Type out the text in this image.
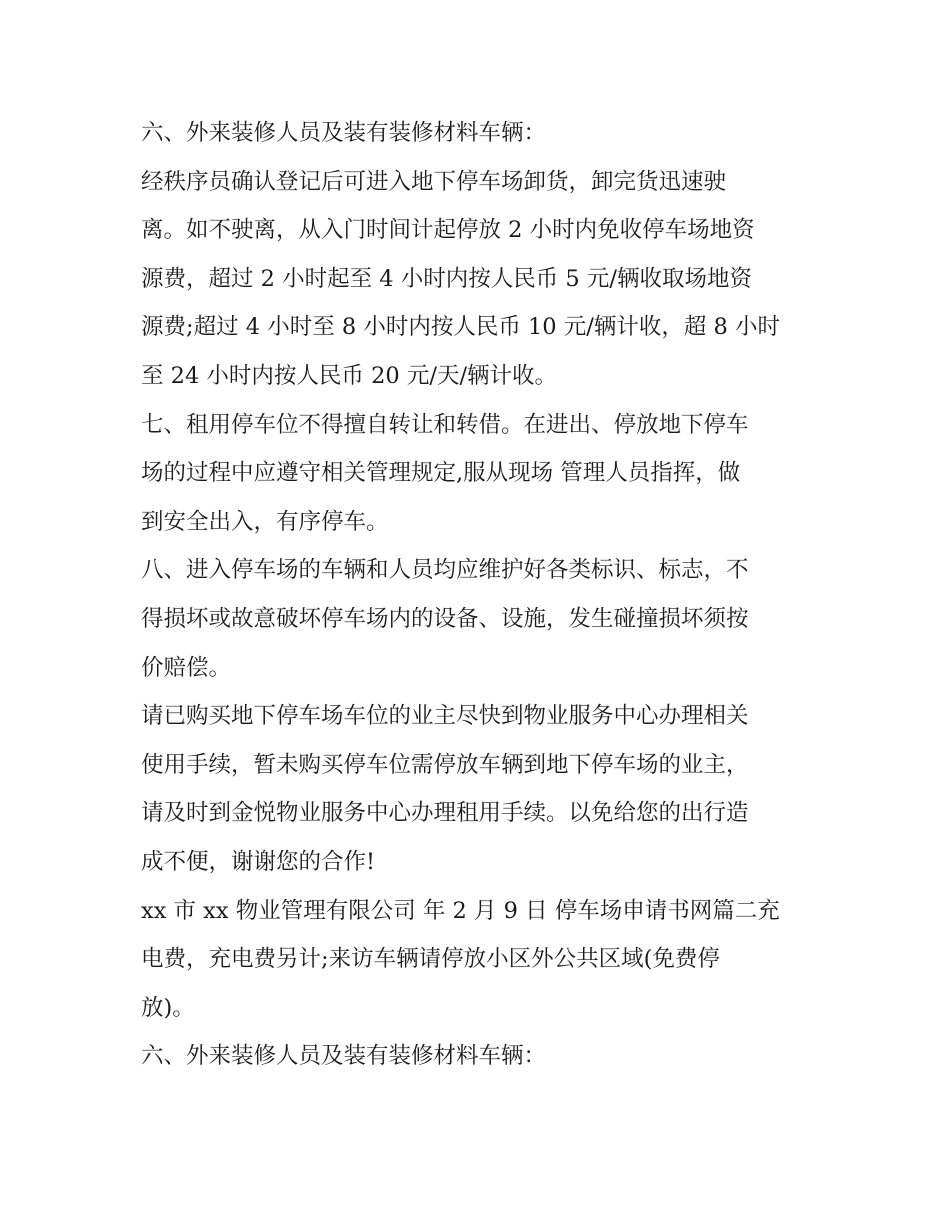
六、外来装修人员及装有装修材料车辆：

经秩序员确认登记后可进入地下停车场卸货，卸完货迅速驶
离。如不驶离，从入门时间计起停放 2 小时内免收停车场地资
源费，超过 2 小时起至 4 小时内按人民币 5 元/辆收取场地资
源费;超过 4 小时至 8 小时内按人民币 10 元/辆计收，超 8 小时
至 24 小时内按人民币 20 元/天/辆计收。

七、租用停车位不得擅自转让和转借。在进出、停放地下停车
场的过程中应遵守相关管理规定,服从现场 管理人员指挥，做
到安全出入，有序停车。

八、进入停车场的车辆和人员均应维护好各类标识、标志，不
得损坏或故意破坏停车场内的设备、设施，发生碰撞损坏须按
价赔偿。

请已购买地下停车场车位的业主尽快到物业服务中心办理相关
使用手续，暂未购买停车位需停放车辆到地下停车场的业主，
请及时到金悦物业服务中心办理租用手续。以免给您的出行造
成不便，谢谢您的合作!

xx 市 xx 物业管理有限公司 年 2 月 9 日 停车场申请书网篇二充
电费，充电费另计;来访车辆请停放小区外公共区域(免费停
放)。

六、外来装修人员及装有装修材料车辆：
